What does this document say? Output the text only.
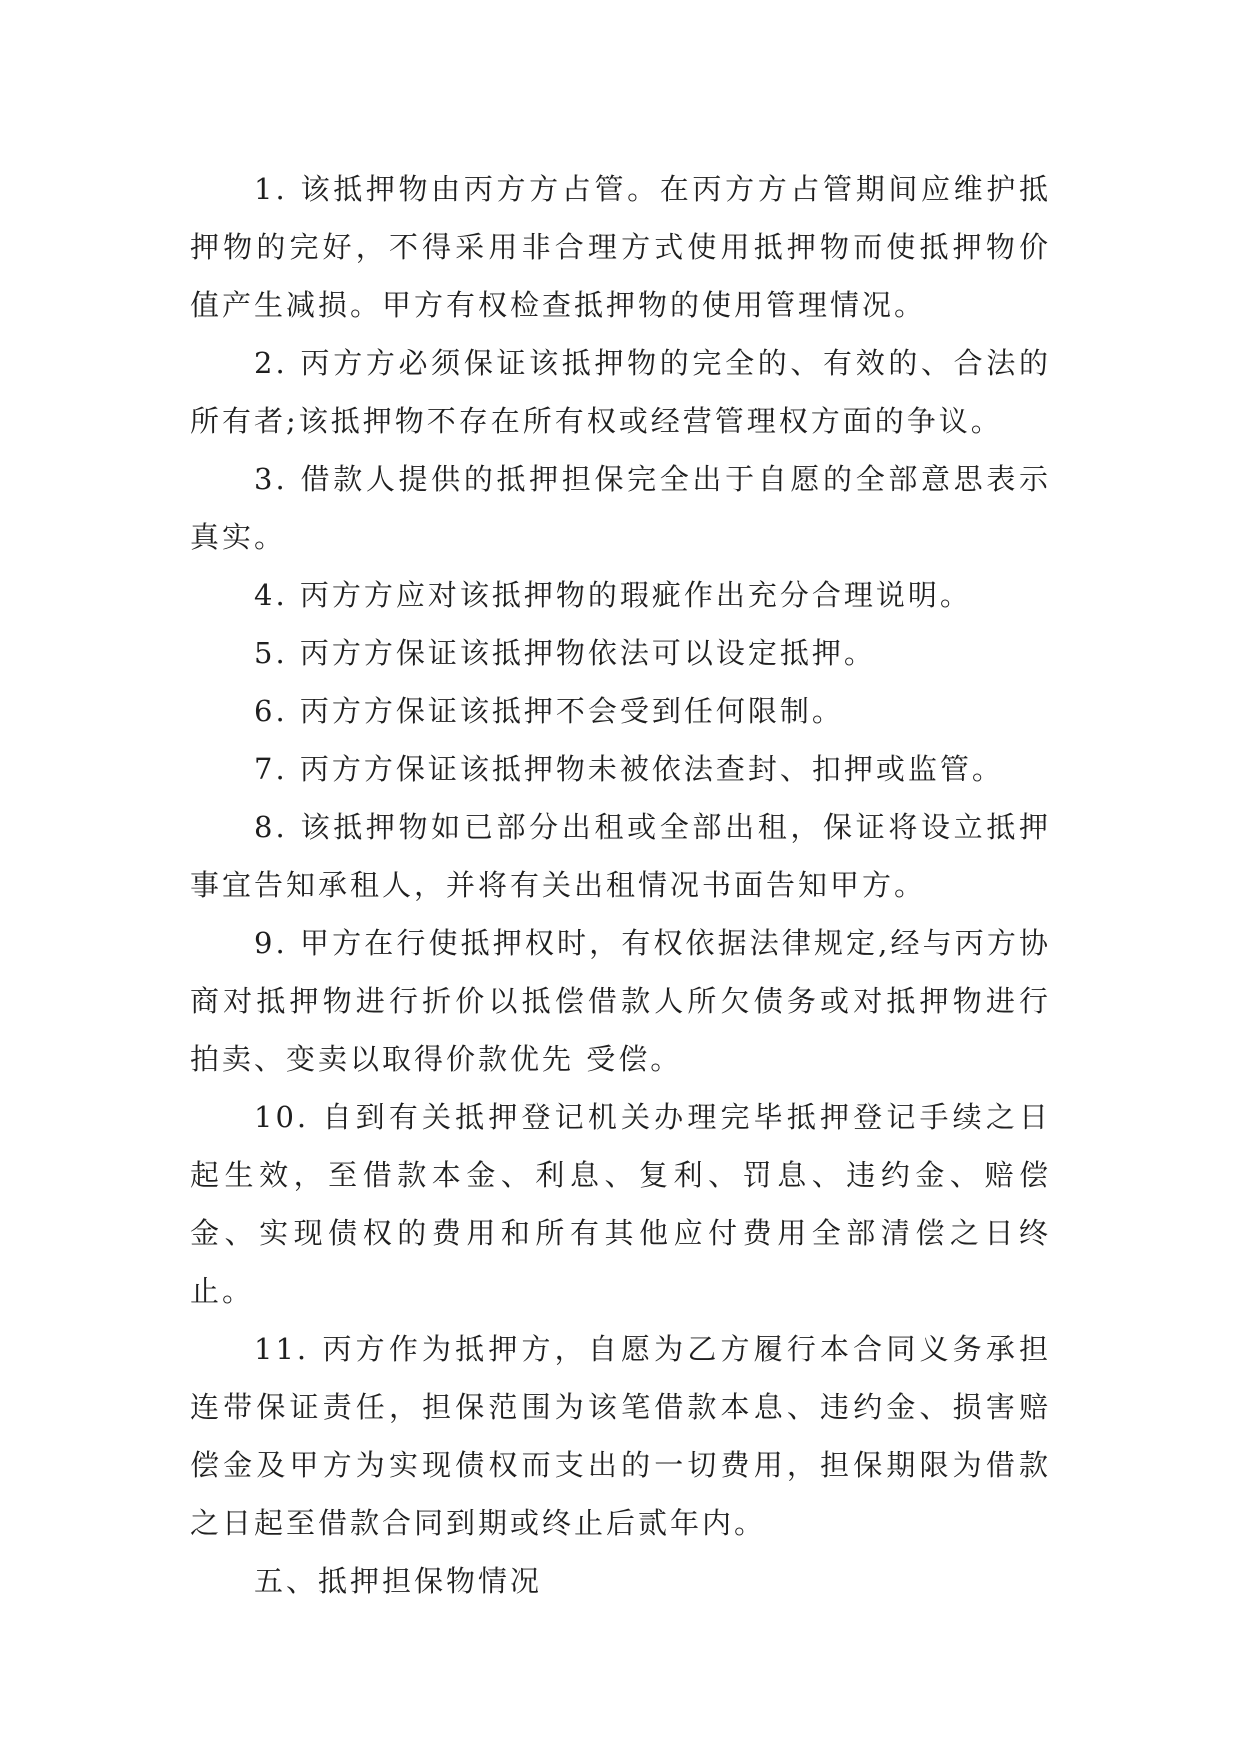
1. 该抵押物由丙方方占管。在丙方方占管期间应维护抵押物的完好，不得采用非合理方式使用抵押物而使抵押物价值产生减损。甲方有权检查抵押物的使用管理情况。

2. 丙方方必须保证该抵押物的完全的、有效的、合法的所有者;该抵押物不存在所有权或经营管理权方面的争议。

3. 借款人提供的抵押担保完全出于自愿的全部意思表示真实。

4. 丙方方应对该抵押物的瑕疵作出充分合理说明。

5. 丙方方保证该抵押物依法可以设定抵押。

6. 丙方方保证该抵押不会受到任何限制。

7. 丙方方保证该抵押物未被依法查封、扣押或监管。

8. 该抵押物如已部分出租或全部出租，保证将设立抵押事宜告知承租人，并将有关出租情况书面告知甲方。

9. 甲方在行使抵押权时，有权依据法律规定,经与丙方协商对抵押物进行折价以抵偿借款人所欠债务或对抵押物进行拍卖、变卖以取得价款优先 受偿。

10. 自到有关抵押登记机关办理完毕抵押登记手续之日起生效，至借款本金、利息、复利、罚息、违约金、赔偿金、实现债权的费用和所有其他应付费用全部清偿之日终止。

11. 丙方作为抵押方，自愿为乙方履行本合同义务承担连带保证责任，担保范围为该笔借款本息、违约金、损害赔偿金及甲方为实现债权而支出的一切费用，担保期限为借款之日起至借款合同到期或终止后贰年内。

五、抵押担保物情况
